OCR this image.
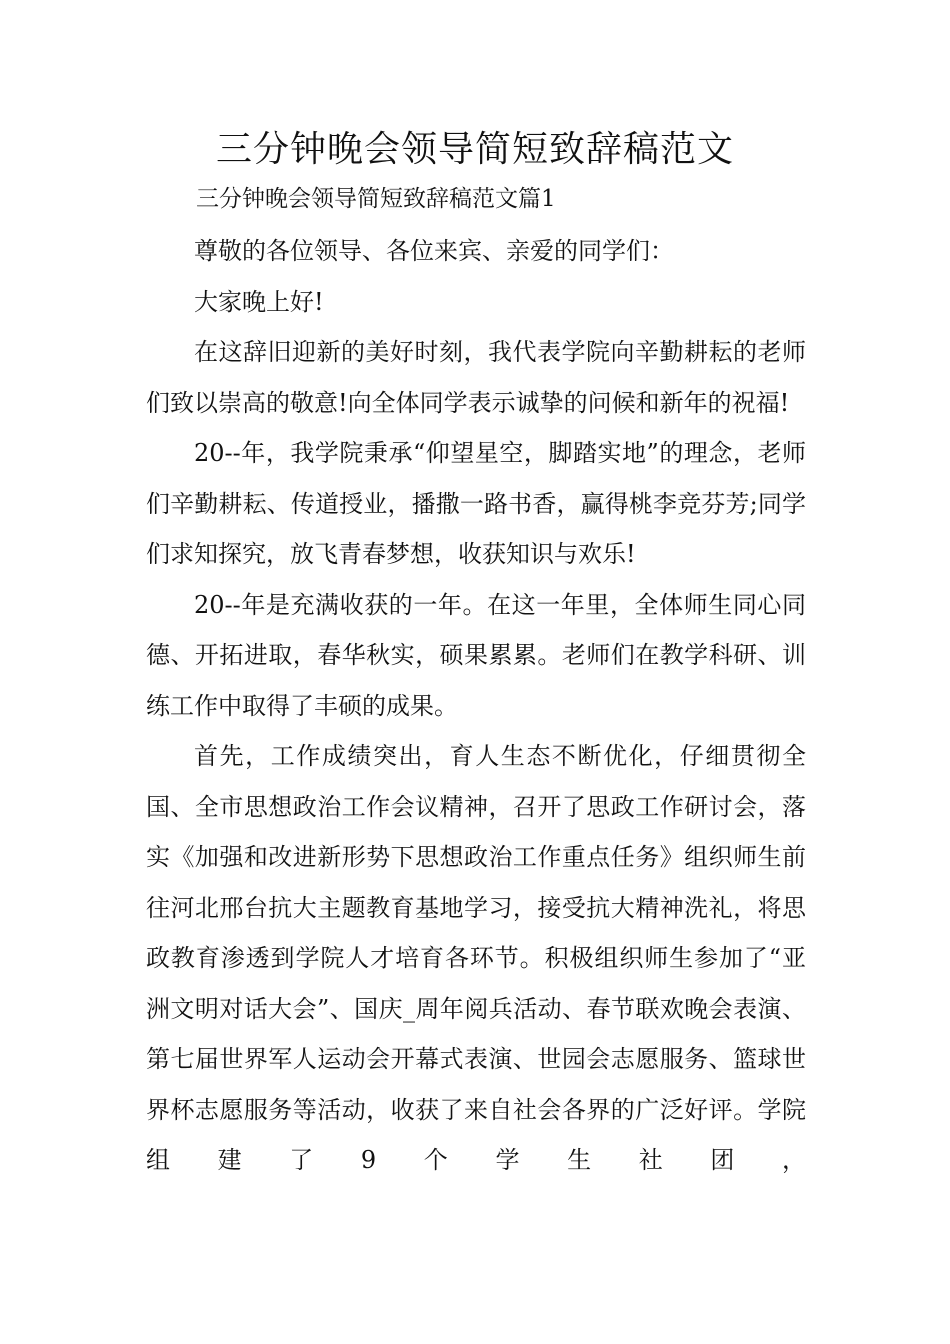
三分钟晚会领导简短致辞稿范文

三分钟晚会领导简短致辞稿范文篇1

尊敬的各位领导、各位来宾、亲爱的同学们：

大家晚上好!

在这辞旧迎新的美好时刻，我代表学院向辛勤耕耘的老师们致以崇高的敬意!向全体同学表示诚挚的问候和新年的祝福!

20--年，我学院秉承“仰望星空，脚踏实地”的理念，老师们辛勤耕耘、传道授业，播撒一路书香，赢得桃李竞芬芳;同学们求知探究，放飞青春梦想，收获知识与欢乐!

20--年是充满收获的一年。在这一年里，全体师生同心同德、开拓进取，春华秋实，硕果累累。老师们在教学科研、训练工作中取得了丰硕的成果。

首先，工作成绩突出，育人生态不断优化，仔细贯彻全国、全市思想政治工作会议精神，召开了思政工作研讨会，落实《加强和改进新形势下思想政治工作重点任务》组织师生前往河北邢台抗大主题教育基地学习，接受抗大精神洗礼，将思政教育渗透到学院人才培育各环节。积极组织师生参加了“亚洲文明对话大会”、国庆_周年阅兵活动、春节联欢晚会表演、第七届世界军人运动会开幕式表演、世园会志愿服务、篮球世界杯志愿服务等活动，收获了来自社会各界的广泛好评。学院组建了9个学生社团，
